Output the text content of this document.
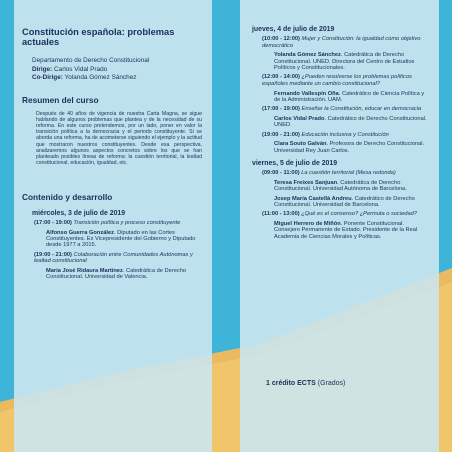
Constitución española: problemas actuales
Departamento de Derecho Constitucional
Dirige: Carlos Vidal Prado
Co-Dirige: Yolanda Gómez Sánchez
Resumen del curso
Después de 40 años de vigencia de nuestra Carta Magna, se sigue hablando de algunos problemas que plantea y de la necesidad de su reforma. En este curso pretendemos, por un lado, poner en valor la transición política a la democracia y el periodo constituyente. Si se aborda una reforma, ha de acometerse siguiendo el ejemplo y la actitud que mostraron nuestros constituyentes. Desde esa perspectiva, analizaremos algunos aspectos concretos sobre los que se han planteado posibles líneas de reforma: la cuestión territorial, la lealtad constitucional, educación, igualdad, etc.
Contenido y desarrollo
miércoles, 3 de julio de 2019
(17:00 - 19:00) Transición política y proceso constituyente
Alfonso Guerra González. Diputado en las Cortes Constituyentes. Ex Vicepresidente del Gobierno y Diputado desde 1977 a 2015.
(19:00 - 21:00) Colaboración entre Comunidades Autónomas y lealtad constitucional
María José Ridaura Martínez. Catedrática de Derecho Constitucional. Universidad de Valencia.
jueves, 4 de julio de 2019
(10:00 - 12:00) Mujer y Constitución: la igualdad como objetivo democrático
Yolanda Gómez Sánchez. Catedrática de Derecho Constitucional. UNED. Directora del Centro de Estudios Políticos y Constitucionales.
(12:00 - 14:00) ¿Pueden resolverse los problemas políticos españoles mediante un cambio constitucional?
Fernando Vallespín Oña. Catedrático de Ciencia Política y de la Administración. UAM.
(17:00 - 19:00) Enseñar la Constitución, educar en democracia
Carlos Vidal Prado. Catedrático de Derecho Constitucional. UNED.
(19:00 - 21:00) Educación inclusiva y Constitución
Clara Souto Galván. Profesora de Derecho Constitucional. Universidad Rey Juan Carlos.
viernes, 5 de julio de 2019
(09:00 - 11:00) La cuestión territorial (Mesa redonda)
Teresa Freixes Sanjuan. Catedrática de Derecho Constitucional. Universidad Autónoma de Barcelona.
Josep María Castellà Andreu. Catedrático de Derecho Constitucional. Universidad de Barcelona.
(11:00 - 13:00) ¿Qué es el consenso? ¿Permuta o sociedad?
Miguel Herrero de Miñón. Ponente Constitucional. Consejero Permanente de Estado. Presidente de la Real Academia de Ciencias Morales y Políticas.
1 crédito ECTS (Grados)
